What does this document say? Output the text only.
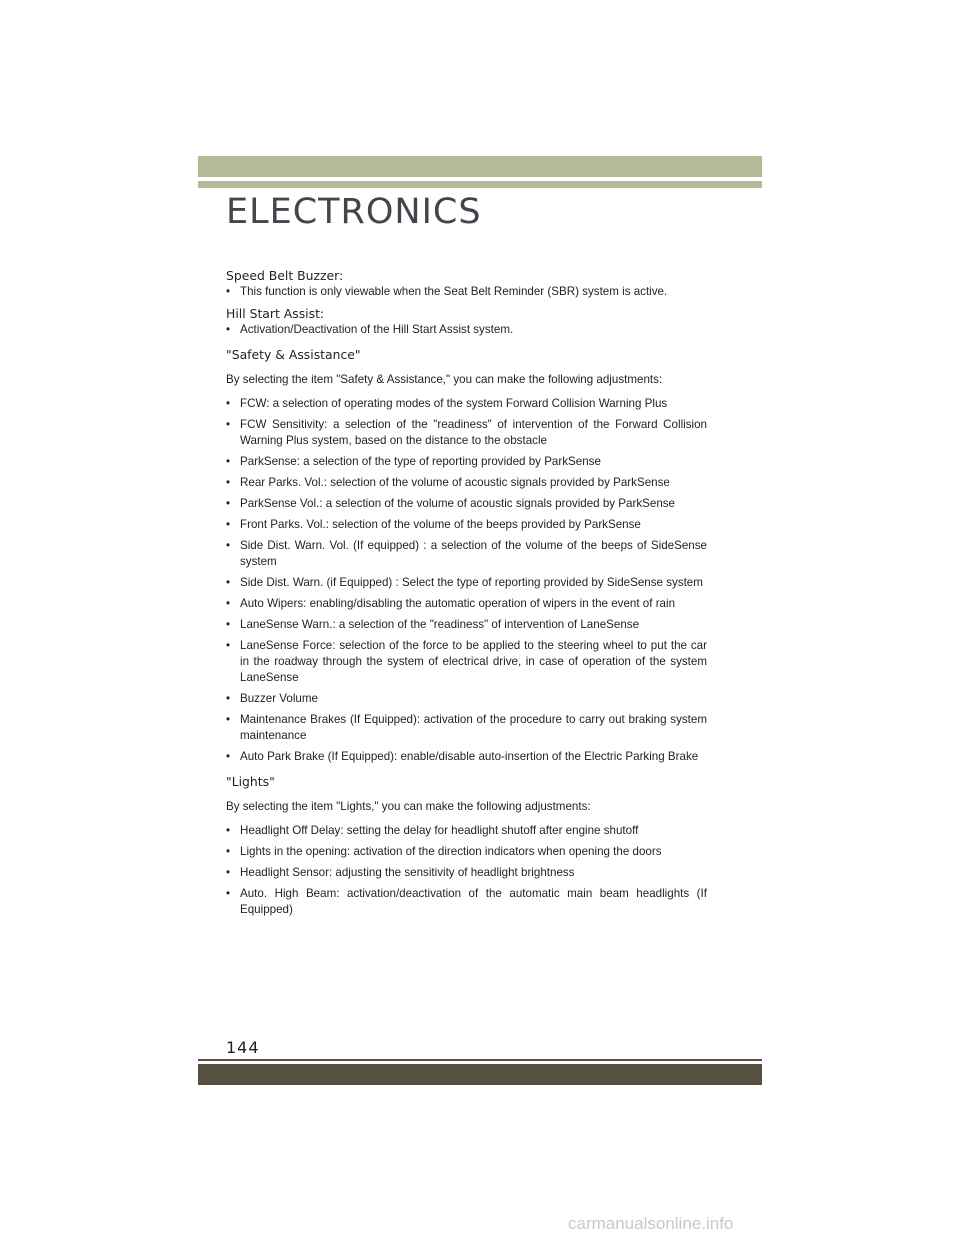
ELECTRONICS

Speed Belt Buzzer:

• This function is only viewable when the Seat Belt Reminder (SBR) system is active.

Hill Start Assist:

• Activation/Deactivation of the Hill Start Assist system.

"Safety & Assistance"

By selecting the item "Safety & Assistance," you can make the following adjustments:

• FCW: a selection of operating modes of the system Forward Collision Warning Plus

• FCW Sensitivity: a selection of the "readiness" of intervention of the Forward Collision Warning Plus system, based on the distance to the obstacle

• ParkSense: a selection of the type of reporting provided by ParkSense

• Rear Parks. Vol.: selection of the volume of acoustic signals provided by ParkSense

• ParkSense Vol.: a selection of the volume of acoustic signals provided by ParkSense

• Front Parks. Vol.: selection of the volume of the beeps provided by ParkSense

• Side Dist. Warn. Vol. (If equipped) : a selection of the volume of the beeps of SideSense system

• Side Dist. Warn. (if Equipped) : Select the type of reporting provided by SideSense system

• Auto Wipers: enabling/disabling the automatic operation of wipers in the event of rain

• LaneSense Warn.: a selection of the "readiness" of intervention of LaneSense

• LaneSense Force: selection of the force to be applied to the steering wheel to put the car in the roadway through the system of electrical drive, in case of operation of the system LaneSense

• Buzzer Volume

• Maintenance Brakes (If Equipped): activation of the procedure to carry out braking system maintenance

• Auto Park Brake (If Equipped): enable/disable auto-insertion of the Electric Parking Brake

"Lights"

By selecting the item "Lights," you can make the following adjustments:

• Headlight Off Delay: setting the delay for headlight shutoff after engine shutoff

• Lights in the opening: activation of the direction indicators when opening the doors

• Headlight Sensor: adjusting the sensitivity of headlight brightness

• Auto. High Beam: activation/deactivation of the automatic main beam headlights (If Equipped)

144
carmanualsonline.info
